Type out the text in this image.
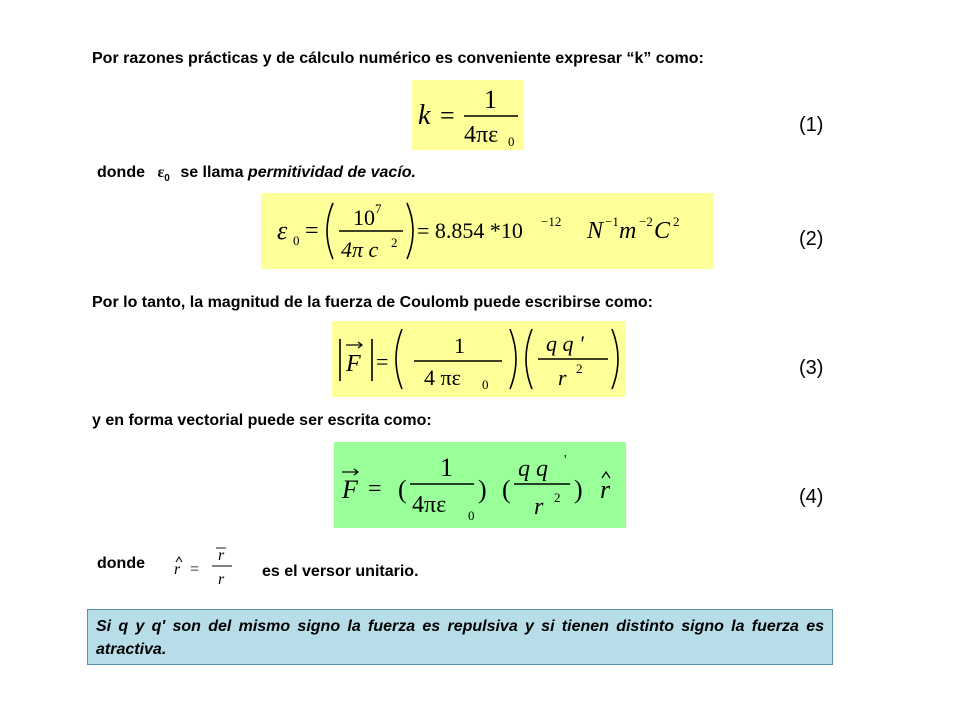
Por razones prácticas y de cálculo numérico es conveniente expresar “k” como:
k =
1
4πε 0
(1)
donde $\varepsilon_0$ se llama permitividad de vacío.
ε 0 =
10 7
4π c 2 = 8.854 *10 −12 N −1 m −2 C 2
(2)
Por lo tanto, la magnitud de la fuerza de Coulomb puede escribirse como:
F =
1
4 πε 0
q q '
r 2	(3)
y en forma vectorial puede ser escrita como:
F = (
1
4πε 0
) (
q q '
r 2 ) r	(4)
donde r =
r
r es el versor unitario.
Si q y q' son del mismo signo la fuerza es repulsiva y si tienen distinto signo la fuerza es atractiva.
